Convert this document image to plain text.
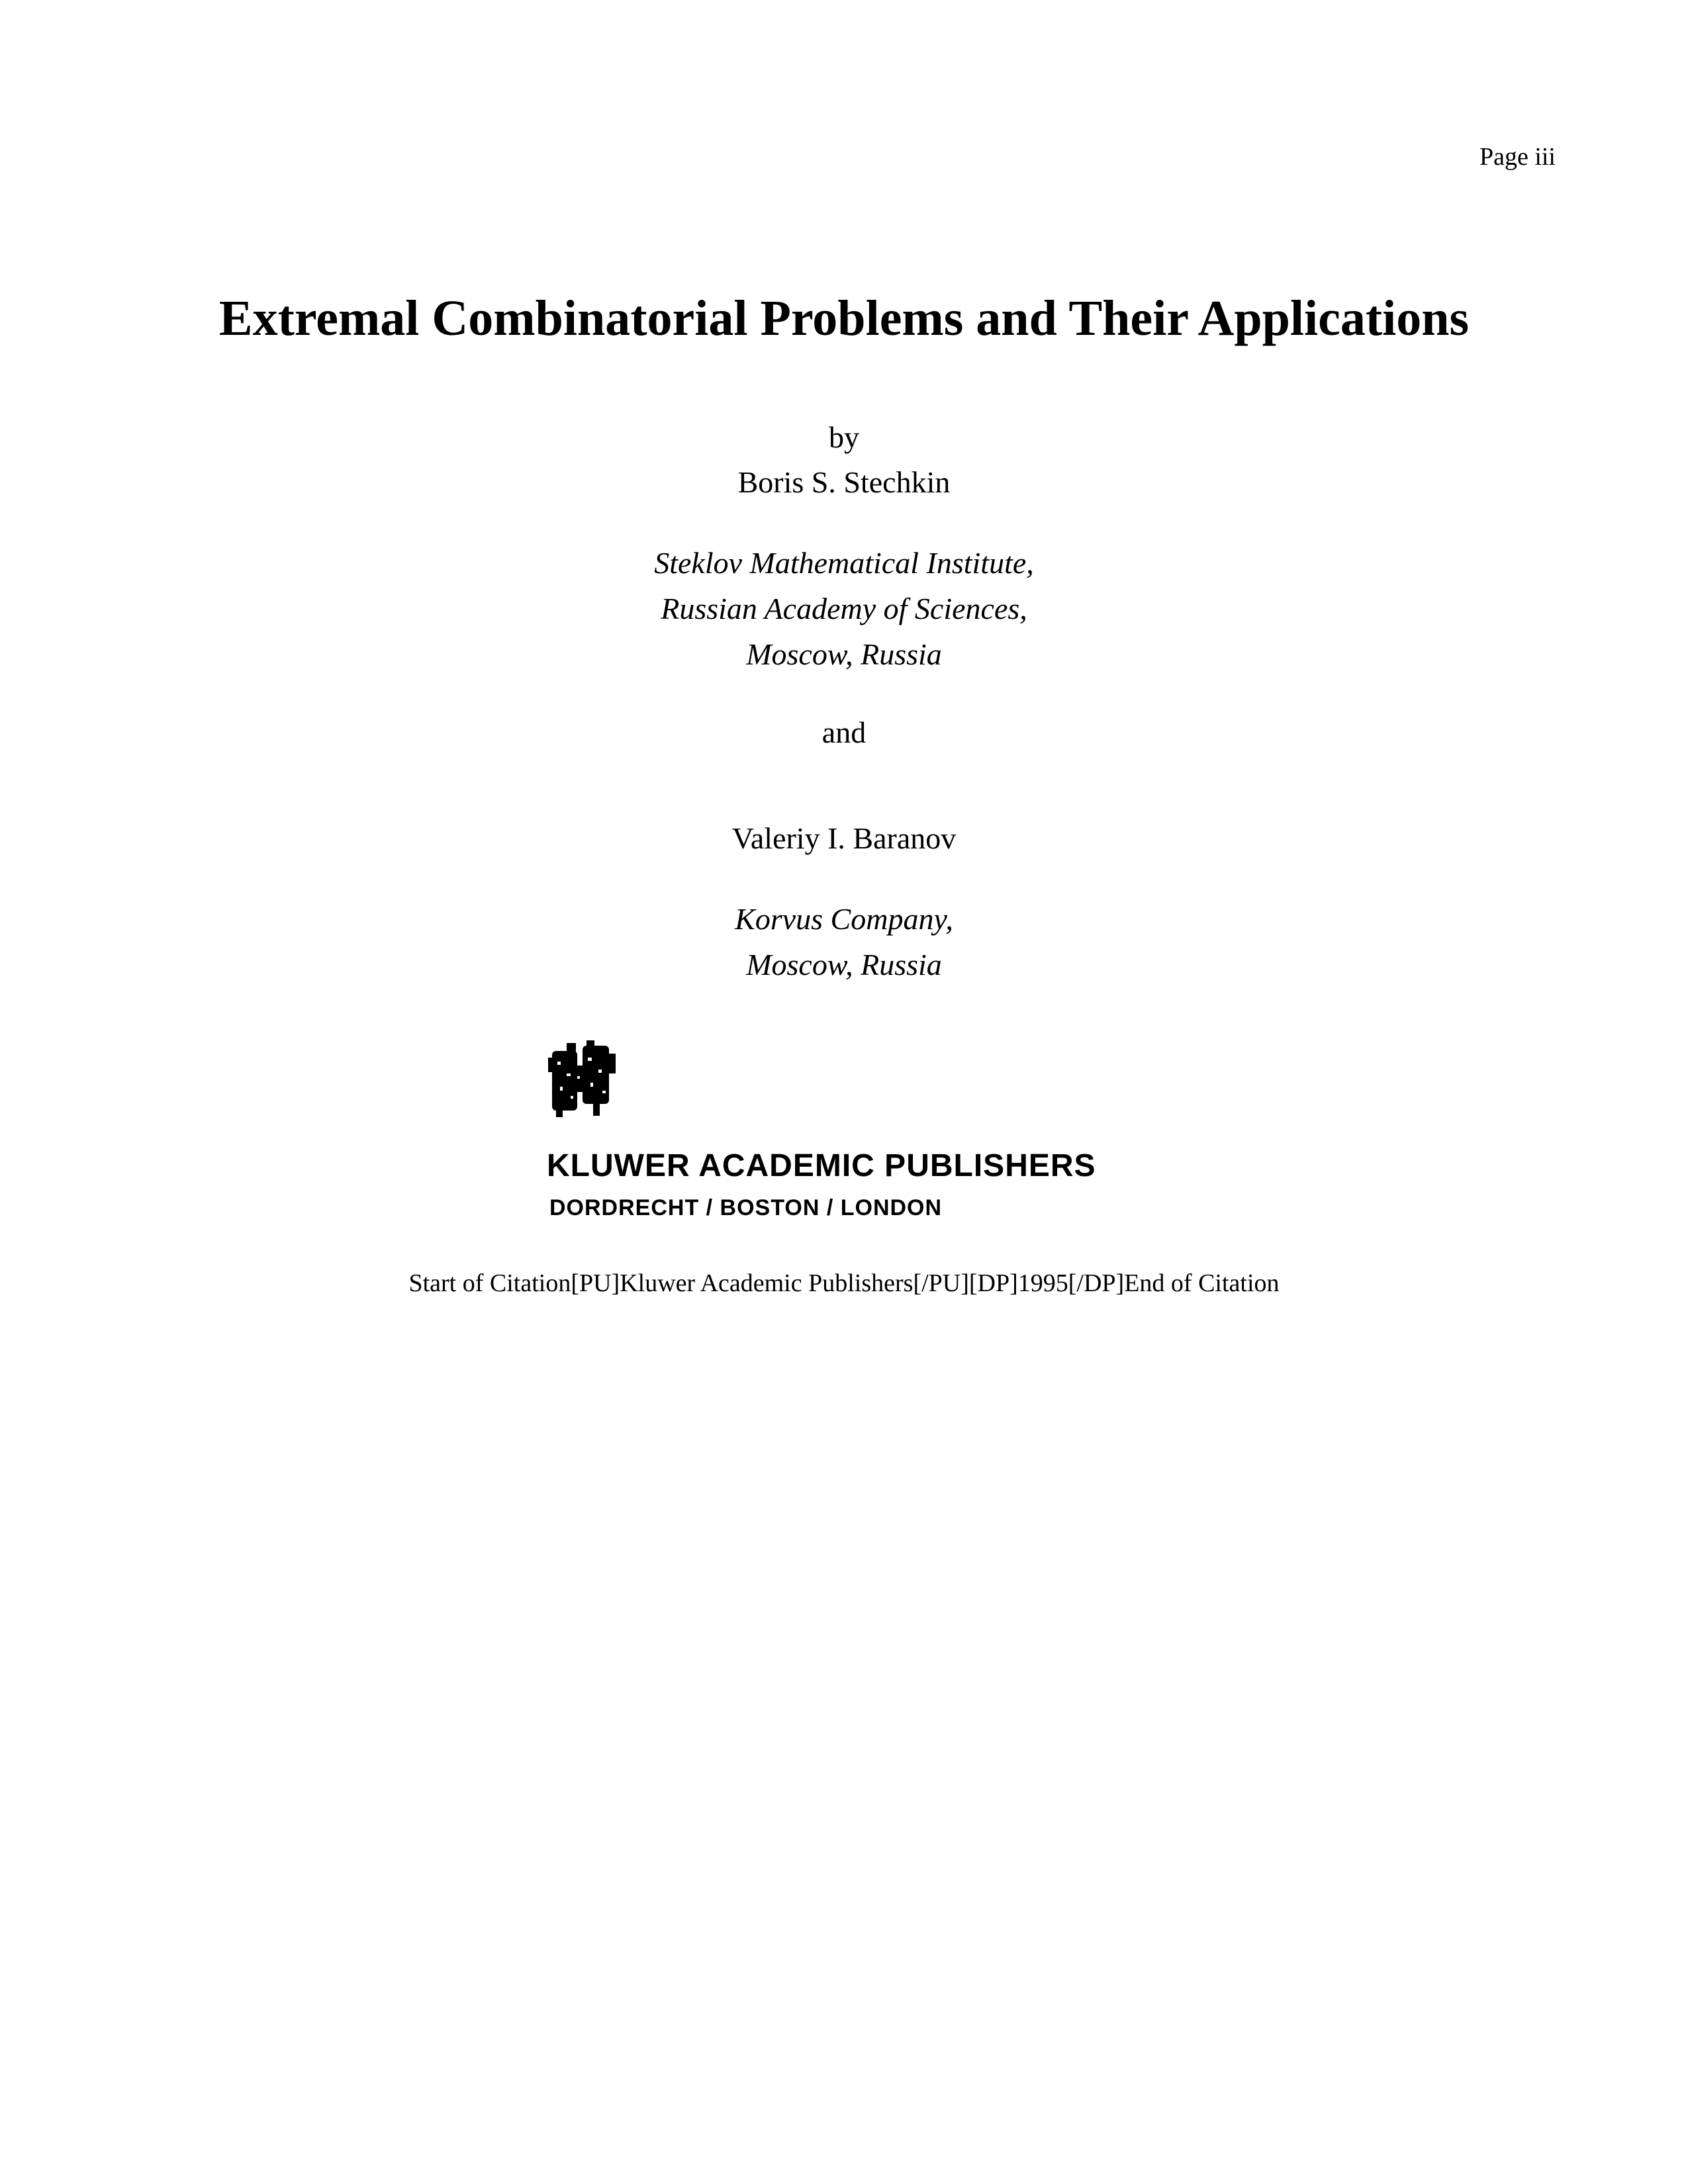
Page iii
Extremal Combinatorial Problems and Their Applications
by
Boris S. Stechkin
Steklov Mathematical Institute,
Russian Academy of Sciences,
Moscow, Russia
and
Valeriy I. Baranov
Korvus Company,
Moscow, Russia
KLUWER ACADEMIC PUBLISHERS
DORDRECHT / BOSTON / LONDON
Start of Citation[PU]Kluwer Academic Publishers[/PU][DP]1995[/DP]End of Citation
